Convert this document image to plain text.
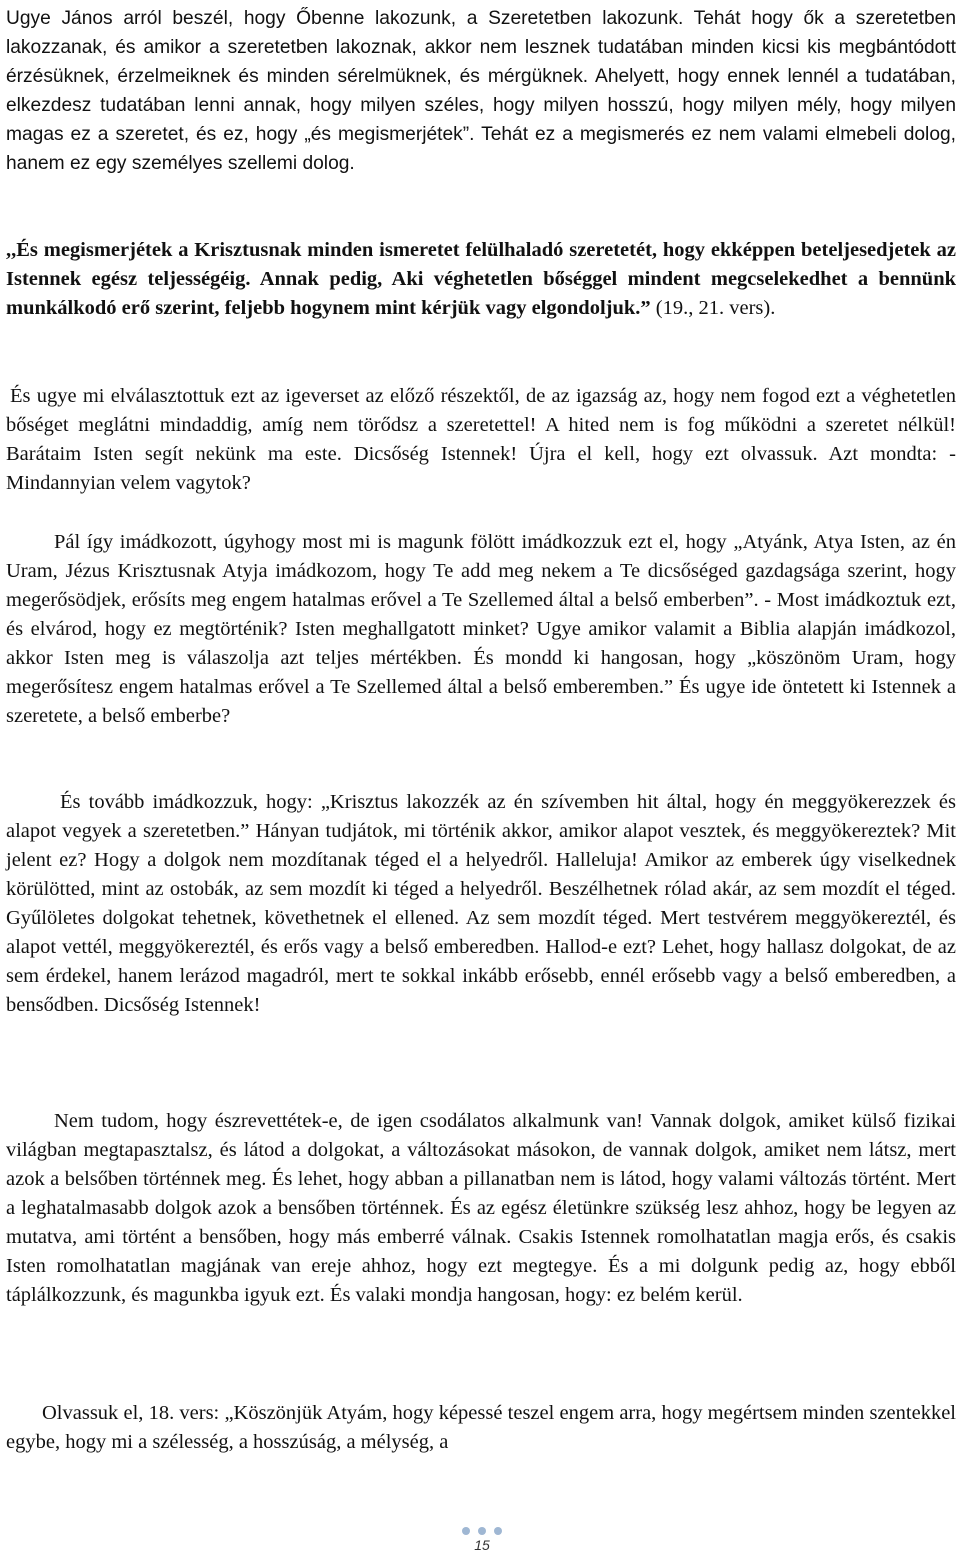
Ugye János arról beszél, hogy Őbenne lakozunk, a Szeretetben lakozunk. Tehát hogy ők a szeretetben lakozzanak, és amikor a szeretetben lakoznak, akkor nem lesznek tudatában minden kicsi kis megbántódott érzésüknek, érzelmeiknek és minden sérelmüknek, és mérgüknek. Ahelyett, hogy ennek lennél a tudatában, elkezdesz tudatában lenni annak, hogy milyen széles, hogy milyen hosszú, hogy milyen mély, hogy milyen magas ez a szeretet, és ez, hogy „és megismerjétek”. Tehát ez a megismerés ez nem valami elmebeli dolog, hanem ez egy személyes szellemi dolog.

,,És megismerjétek a Krisztusnak minden ismeretet felülhaladó szeretetét, hogy ekképpen beteljesedjetek az Istennek egész teljességéig. Annak pedig, Aki véghetetlen bőséggel mindent megcselekedhet a bennünk munkálkodó erő szerint, feljebb hogynem mint kérjük vagy elgondoljuk.” (19., 21. vers).

És ugye mi elválasztottuk ezt az igeverset az előző részektől, de az igazság az, hogy nem fogod ezt a véghetetlen bőséget meglátni mindaddig, amíg nem törődsz a szeretettel! A hited nem is fog működni a szeretet nélkül! Barátaim Isten segít nekünk ma este. Dicsőség Istennek! Újra el kell, hogy ezt olvassuk. Azt mondta: - Mindannyian velem vagytok?

Pál így imádkozott, úgyhogy most mi is magunk fölött imádkozzuk ezt el, hogy „Atyánk, Atya Isten, az én Uram, Jézus Krisztusnak Atyja imádkozom, hogy Te add meg nekem a Te dicsőséged gazdagsága szerint, hogy megerősödjek, erősíts meg engem hatalmas erővel a Te Szellemed által a belső emberben”. - Most imádkoztuk ezt, és elvárod, hogy ez megtörténik? Isten meghallgatott minket? Ugye amikor valamit a Biblia alapján imádkozol, akkor Isten meg is válaszolja azt teljes mértékben. És mondd ki hangosan, hogy „köszönöm Uram, hogy megerősítesz engem hatalmas erővel a Te Szellemed által a belső emberemben.” És ugye ide öntetett ki Istennek a szeretete, a belső emberbe?

És tovább imádkozzuk, hogy: „Krisztus lakozzék az én szívemben hit által, hogy én meggyökerezzek és alapot vegyek a szeretetben.” Hányan tudjátok, mi történik akkor, amikor alapot vesztek, és meggyökereztek? Mit jelent ez? Hogy a dolgok nem mozdítanak téged el a helyedről. Halleluja! Amikor az emberek úgy viselkednek körülötted, mint az ostobák, az sem mozdít ki téged a helyedről. Beszélhetnek rólad akár, az sem mozdít el téged. Gyűlöletes dolgokat tehetnek, követhetnek el ellened. Az sem mozdít téged. Mert testvérem meggyökereztél, és alapot vettél, meggyökereztél, és erős vagy a belső emberedben. Hallod-e ezt? Lehet, hogy hallasz dolgokat, de az sem érdekel, hanem lerázod magadról, mert te sokkal inkább erősebb, ennél erősebb vagy a belső emberedben, a bensődben. Dicsőség Istennek!

Nem tudom, hogy észrevettétek-e, de igen csodálatos alkalmunk van! Vannak dolgok, amiket külső fizikai világban megtapasztalsz, és látod a dolgokat, a változásokat másokon, de vannak dolgok, amiket nem látsz, mert azok a belsőben történnek meg. És lehet, hogy abban a pillanatban nem is látod, hogy valami változás történt. Mert a leghatalmasabb dolgok azok a bensőben történnek. És az egész életünkre szükség lesz ahhoz, hogy be legyen az mutatva, ami történt a bensőben, hogy más emberré válnak. Csakis Istennek romolhatatlan magja erős, és csakis Isten romolhatatlan magjának van ereje ahhoz, hogy ezt megtegye. És a mi dolgunk pedig az, hogy ebből táplálkozzunk, és magunkba igyuk ezt. És valaki mondja hangosan, hogy: ez belém kerül.

Olvassuk el, 18. vers: „Köszönjük Atyám, hogy képessé teszel engem arra, hogy megértsem minden szentekkel egybe, hogy mi a szélesség, a hosszúság, a mélység, a

15
